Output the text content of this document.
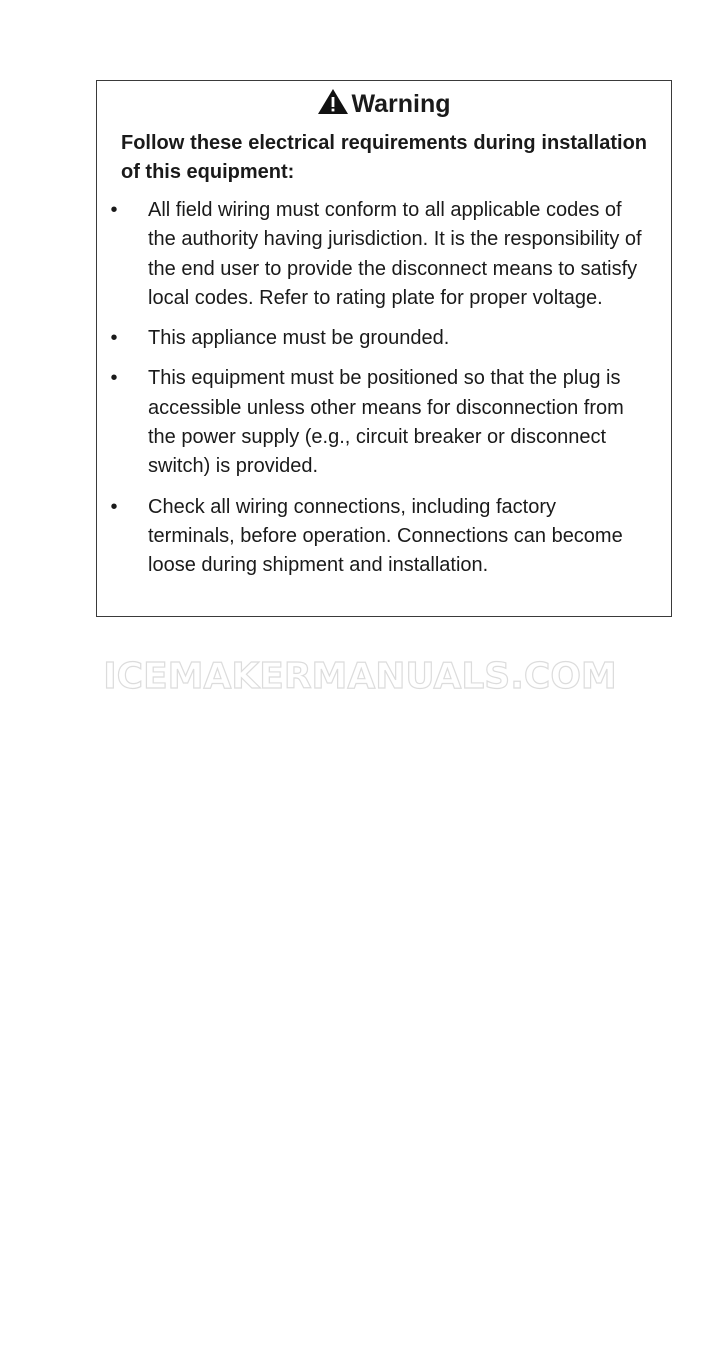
Warning

Follow these electrical requirements during installation of this equipment:

• All field wiring must conform to all applicable codes of the authority having jurisdiction. It is the responsibility of the end user to provide the disconnect means to satisfy local codes. Refer to rating plate for proper voltage.
• This appliance must be grounded.
• This equipment must be positioned so that the plug is accessible unless other means for disconnection from the power supply (e.g., circuit breaker or disconnect switch) is provided.
• Check all wiring connections, including factory terminals, before operation. Connections can become loose during shipment and installation.
ICEMAKERMANUALS.COM
